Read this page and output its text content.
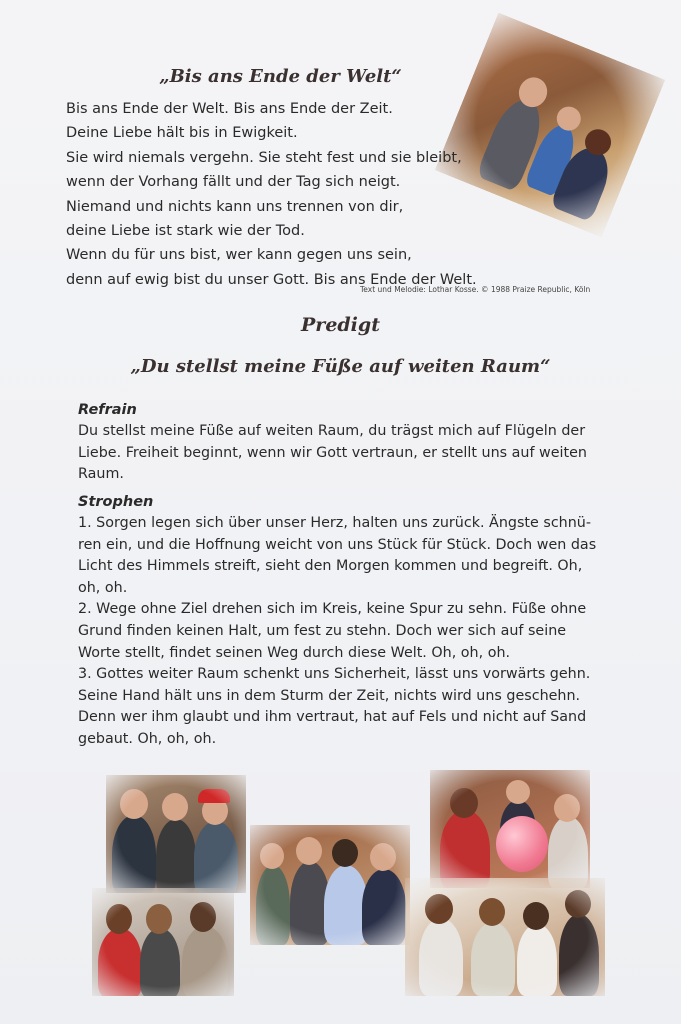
„Bis ans Ende der Welt“
Bis ans Ende der Welt. Bis ans Ende der Zeit.
Deine Liebe hält bis in Ewigkeit.
Sie wird niemals vergehn. Sie steht fest und sie bleibt,
wenn der Vorhang fällt und der Tag sich neigt.
Niemand und nichts kann uns trennen von dir,
deine Liebe ist stark wie der Tod.
Wenn du für uns bist, wer kann gegen uns sein,
denn auf ewig bist du unser Gott. Bis ans Ende der Welt.
Text und Melodie: Lothar Kosse. © 1988 Praize Republic, Köln
Predigt
„Du stellst meine Füße auf weiten Raum“
Refrain
Du stellst meine Füße auf weiten Raum, du trägst mich auf Flügeln der Liebe. Freiheit beginnt, wenn wir Gott vertraun, er stellt uns auf weiten Raum.
Strophen

1. Sorgen legen sich über unser Herz, halten uns zurück. Ängste schnü-ren ein, und die Hoffnung weicht von uns Stück für Stück. Doch wen das Licht des Himmels streift, sieht den Morgen kommen und begreift. Oh, oh, oh.

2. Wege ohne Ziel drehen sich im Kreis, keine Spur zu sehn. Füße ohne Grund finden keinen Halt, um fest zu stehn. Doch wer sich auf seine Worte stellt, findet seinen Weg durch diese Welt. Oh, oh, oh.

3. Gottes weiter Raum schenkt uns Sicherheit, lässt uns vorwärts gehn. Seine Hand hält uns in dem Sturm der Zeit, nichts wird uns geschehn. Denn wer ihm glaubt und ihm vertraut, hat auf Fels und nicht auf Sand gebaut. Oh, oh, oh.
